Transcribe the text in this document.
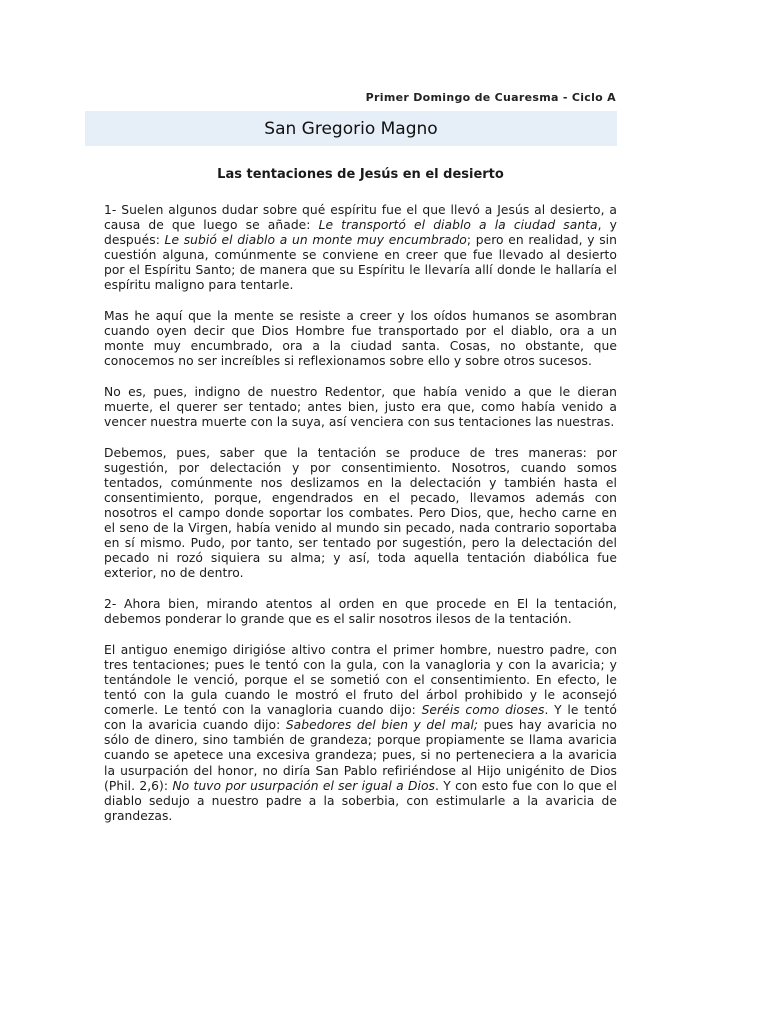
Primer Domingo de Cuaresma - Ciclo A
San Gregorio Magno
Las tentaciones de Jesús en el desierto

1- Suelen algunos dudar sobre qué espíritu fue el que llevó a Jesús al desierto, a causa de que luego se añade: Le transportó el diablo a la ciudad santa, y después: Le subió el diablo a un monte muy encumbrado; pero en realidad, y sin cuestión alguna, comúnmente se conviene en creer que fue llevado al desierto por el Espíritu Santo; de manera que su Espíritu le llevaría allí donde le hallaría el espíritu maligno para tentarle.

Mas he aquí que la mente se resiste a creer y los oídos humanos se asombran cuando oyen decir que Dios Hombre fue transportado por el diablo, ora a un monte muy encumbrado, ora a la ciudad santa. Cosas, no obstante, que conocemos no ser increíbles si reflexionamos sobre ello y sobre otros sucesos.

No es, pues, indigno de nuestro Redentor, que había venido a que le dieran muerte, el querer ser tentado; antes bien, justo era que, como había venido a vencer nuestra muerte con la suya, así venciera con sus tentaciones las nuestras.

Debemos, pues, saber que la tentación se produce de tres maneras: por sugestión, por delectación y por consentimiento. Nosotros, cuando somos tentados, comúnmente nos deslizamos en la delectación y también hasta el consentimiento, porque, engendrados en el pecado, llevamos además con nosotros el campo donde soportar los combates. Pero Dios, que, hecho carne en el seno de la Virgen, había venido al mundo sin pecado, nada contrario soportaba en sí mismo. Pudo, por tanto, ser tentado por sugestión, pero la delectación del pecado ni rozó siquiera su alma; y así, toda aquella tentación diabólica fue exterior, no de dentro.

2- Ahora bien, mirando atentos al orden en que procede en El la tentación, debemos ponderar lo grande que es el salir nosotros ilesos de la tentación.

El antiguo enemigo dirigióse altivo contra el primer hombre, nuestro padre, con tres tentaciones; pues le tentó con la gula, con la vanagloria y con la avaricia; y tentándole le venció, porque el se sometió con el consentimiento. En efecto, le tentó con la gula cuando le mostró el fruto del árbol prohibido y le aconsejó comerle. Le tentó con la vanagloria cuando dijo: Seréis como dioses. Y le tentó con la avaricia cuando dijo: Sabedores del bien y del mal; pues hay avaricia no sólo de dinero, sino también de grandeza; porque propiamente se llama avaricia cuando se apetece una excesiva grandeza; pues, si no perteneciera a la avaricia la usurpación del honor, no diría San Pablo refiriéndose al Hijo unigénito de Dios (Phil. 2,6): No tuvo por usurpación el ser igual a Dios. Y con esto fue con lo que el diablo sedujo a nuestro padre a la soberbia, con estimularle a la avaricia de grandezas.
